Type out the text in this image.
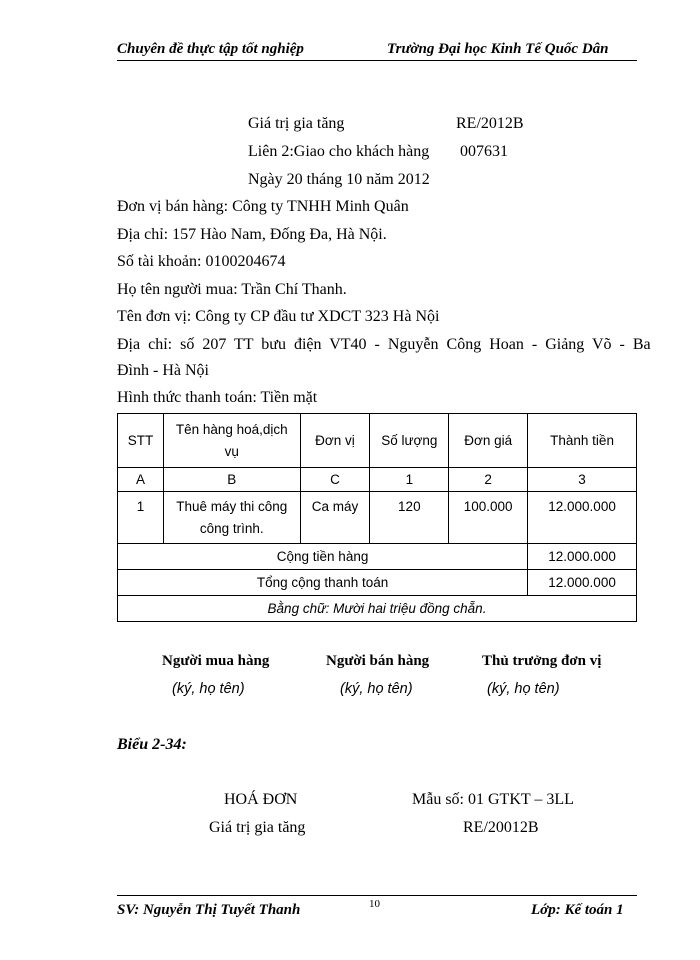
Chuyên đề thực tập tốt nghiệp	Trường Đại học Kinh Tế Quốc Dân
Giá trị gia tăng	RE/2012B
Liên 2:Giao cho khách hàng 007631
Ngày 20 tháng 10 năm 2012
Đơn vị bán hàng: Công ty TNHH Minh Quân
Địa chỉ: 157 Hào Nam, Đống Đa, Hà Nội.
Số tài khoản: 0100204674
Họ tên người mua: Trần Chí Thanh.
Tên đơn vị: Công ty CP đầu tư XDCT 323 Hà Nội
Địa  chỉ:  số  207  TT  bưu  điện  VT40  -  Nguyễn  Công  Hoan  -  Giảng  Võ  -  Ba
Đình - Hà Nội
Hình thức thanh toán: Tiền mặt
STT	Tên hàng hoá,dịch vụ	Đơn vị	Số lượng	Đơn giá	Thành tiền
A	B	C	1	2	3
1	Thuê máy thi công công trình.	Ca máy	120	100.000	12.000.000
Cộng tiền hàng					12.000.000
Tổng cộng thanh toán					12.000.000
Bằng chữ: Mười hai triệu đồng chẵn.					
Người mua hàng
(ký, họ tên)
Người bán hàng
(ký, họ tên)
Thủ trưởng đơn vị
(ký, họ tên)
Biểu 2-34:
HOÁ ĐƠN	Mẫu số: 01 GTKT – 3LL
Giá trị gia tăng	RE/20012B
10
SV: Nguyễn Thị Tuyết Thanh	Lớp: Kế toán 1
